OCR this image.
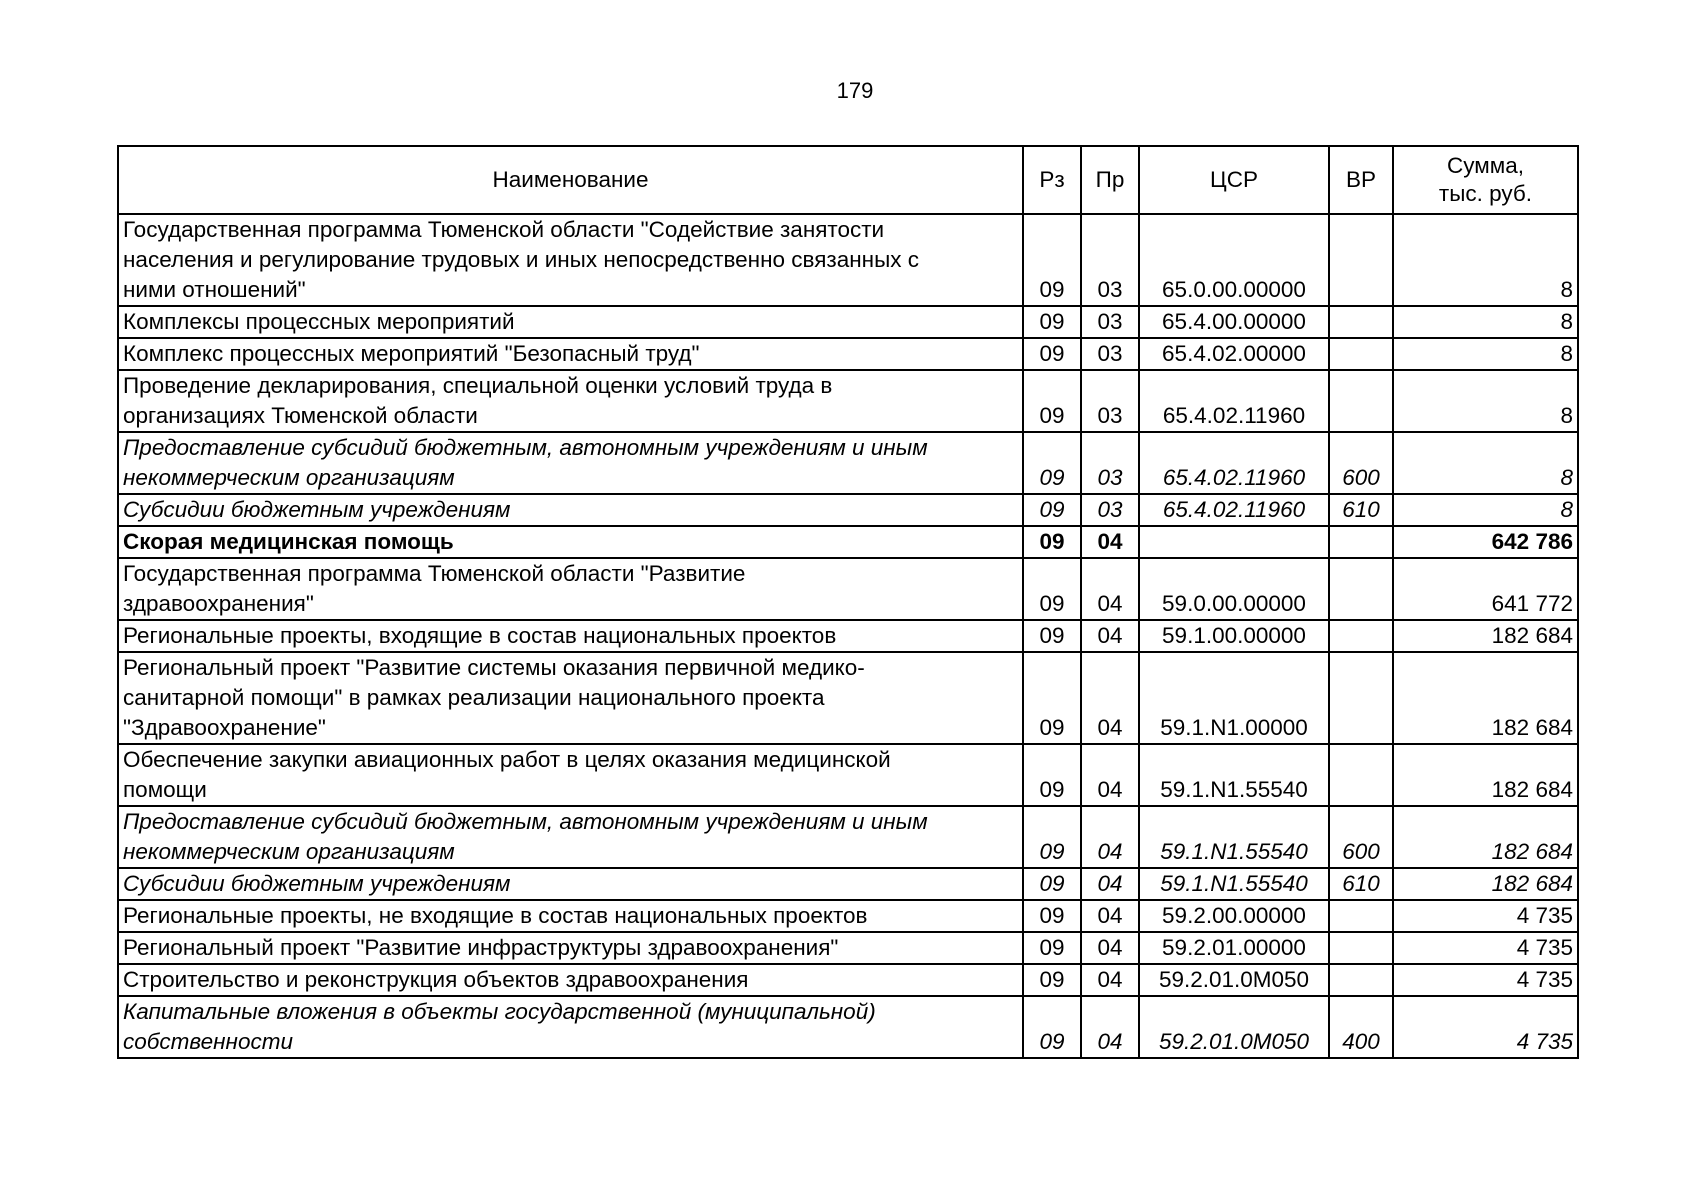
179
Наименование	Рз	Пр	ЦСР	ВР	Сумма,
тыс. руб.

Государственная программа Тюменской области "Содействие занятости
населения и регулирование трудовых и иных непосредственно связанных с
ними отношений"	09	03	65.0.00.00000		8

Комплексы процессных мероприятий	09	03	65.4.00.00000		8

Комплекс процессных мероприятий "Безопасный труд"	09	03	65.4.02.00000		8

Проведение декларирования, специальной оценки условий труда в
организациях Тюменской области	09	03	65.4.02.11960		8

Предоставление субсидий бюджетным, автономным учреждениям и иным
некоммерческим организациям	09	03	65.4.02.11960	600	8

Субсидии бюджетным учреждениям	09	03	65.4.02.11960	610	8

Скорая медицинская помощь	09	04			642 786

Государственная программа Тюменской области "Развитие
здравоохранения"	09	04	59.0.00.00000		641 772

Региональные проекты, входящие в состав национальных проектов	09	04	59.1.00.00000		182 684

Региональный проект "Развитие системы оказания первичной медико-
санитарной помощи" в рамках реализации национального проекта
"Здравоохранение"	09	04	59.1.N1.00000		182 684

Обеспечение закупки авиационных работ в целях оказания медицинской
помощи	09	04	59.1.N1.55540		182 684

Предоставление субсидий бюджетным, автономным учреждениям и иным
некоммерческим организациям	09	04	59.1.N1.55540	600	182 684

Субсидии бюджетным учреждениям	09	04	59.1.N1.55540	610	182 684

Региональные проекты, не входящие в состав национальных проектов	09	04	59.2.00.00000		4 735

Региональный проект "Развитие инфраструктуры здравоохранения"	09	04	59.2.01.00000		4 735

Строительство и реконструкция объектов здравоохранения	09	04	59.2.01.0М050		4 735

Капитальные вложения в объекты государственной (муниципальной)
собственности	09	04	59.2.01.0М050	400	4 735
